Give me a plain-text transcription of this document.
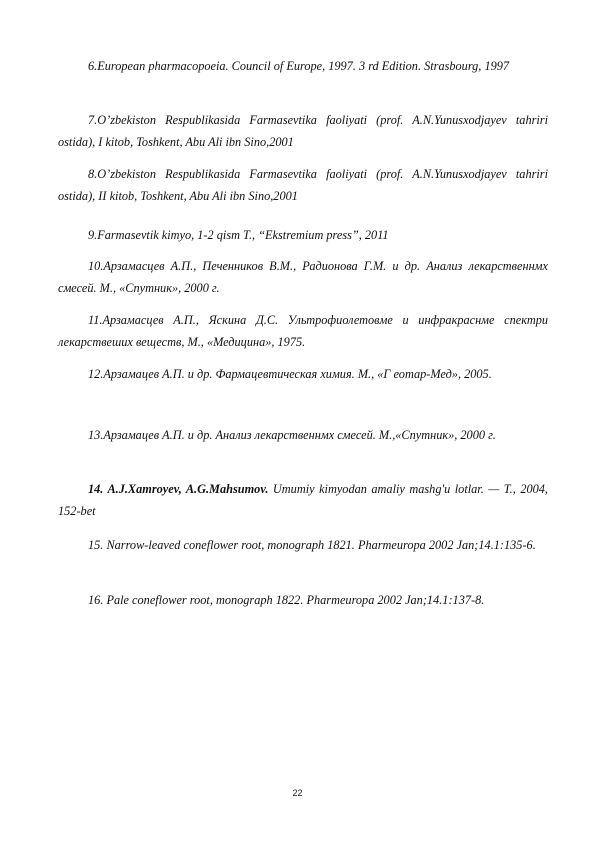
6.European pharmacopoeia. Council of Europe, 1997. 3 rd Edition. Strasbourg, 1997

7.O’zbekiston Respublikasida Farmasevtika faoliyati (prof. A.N.Yunusxodjayev tahriri ostida), I kitob, Toshkent, Abu Ali ibn Sino,2001

8.O’zbekiston Respublikasida Farmasevtika faoliyati (prof. A.N.Yunusxodjayev tahriri ostida), II kitob, Toshkent, Abu Ali ibn Sino,2001

9.Farmasevtik kimyo, 1-2 qism T., “Ekstremium press”, 2011

10.Арзамасцев А.П., Печенников В.М., Радионова Г.М. и др. Анализ лекарственнмх смесей. М., «Спутник», 2000 г.

11.Арзамасцев А.П., Яскина Д.С. Ультрофиолетовме и инфракраснме спектри лекарствеших веществ, М., «Медицина», 1975.

12.Арзамацев А.П. и др. Фармацевтическая химия. М., «Г еотар-Мед», 2005.

13.Арзамацев А.П. и др. Анализ лекарственнмх смесей. М.,«Спутник», 2000 г.

14. A.J.Xamroyev, A.G.Mahsumov. Umumiy kimyodan amaliy mashg'u lotlar. — T., 2004, 152-bet

15. Narrow-leaved coneflower root, monograph 1821. Pharmeuropa 2002 Jan;14.1:135-6.

16. Pale coneflower root, monograph 1822. Pharmeuropa 2002 Jan;14.1:137-8.

22
